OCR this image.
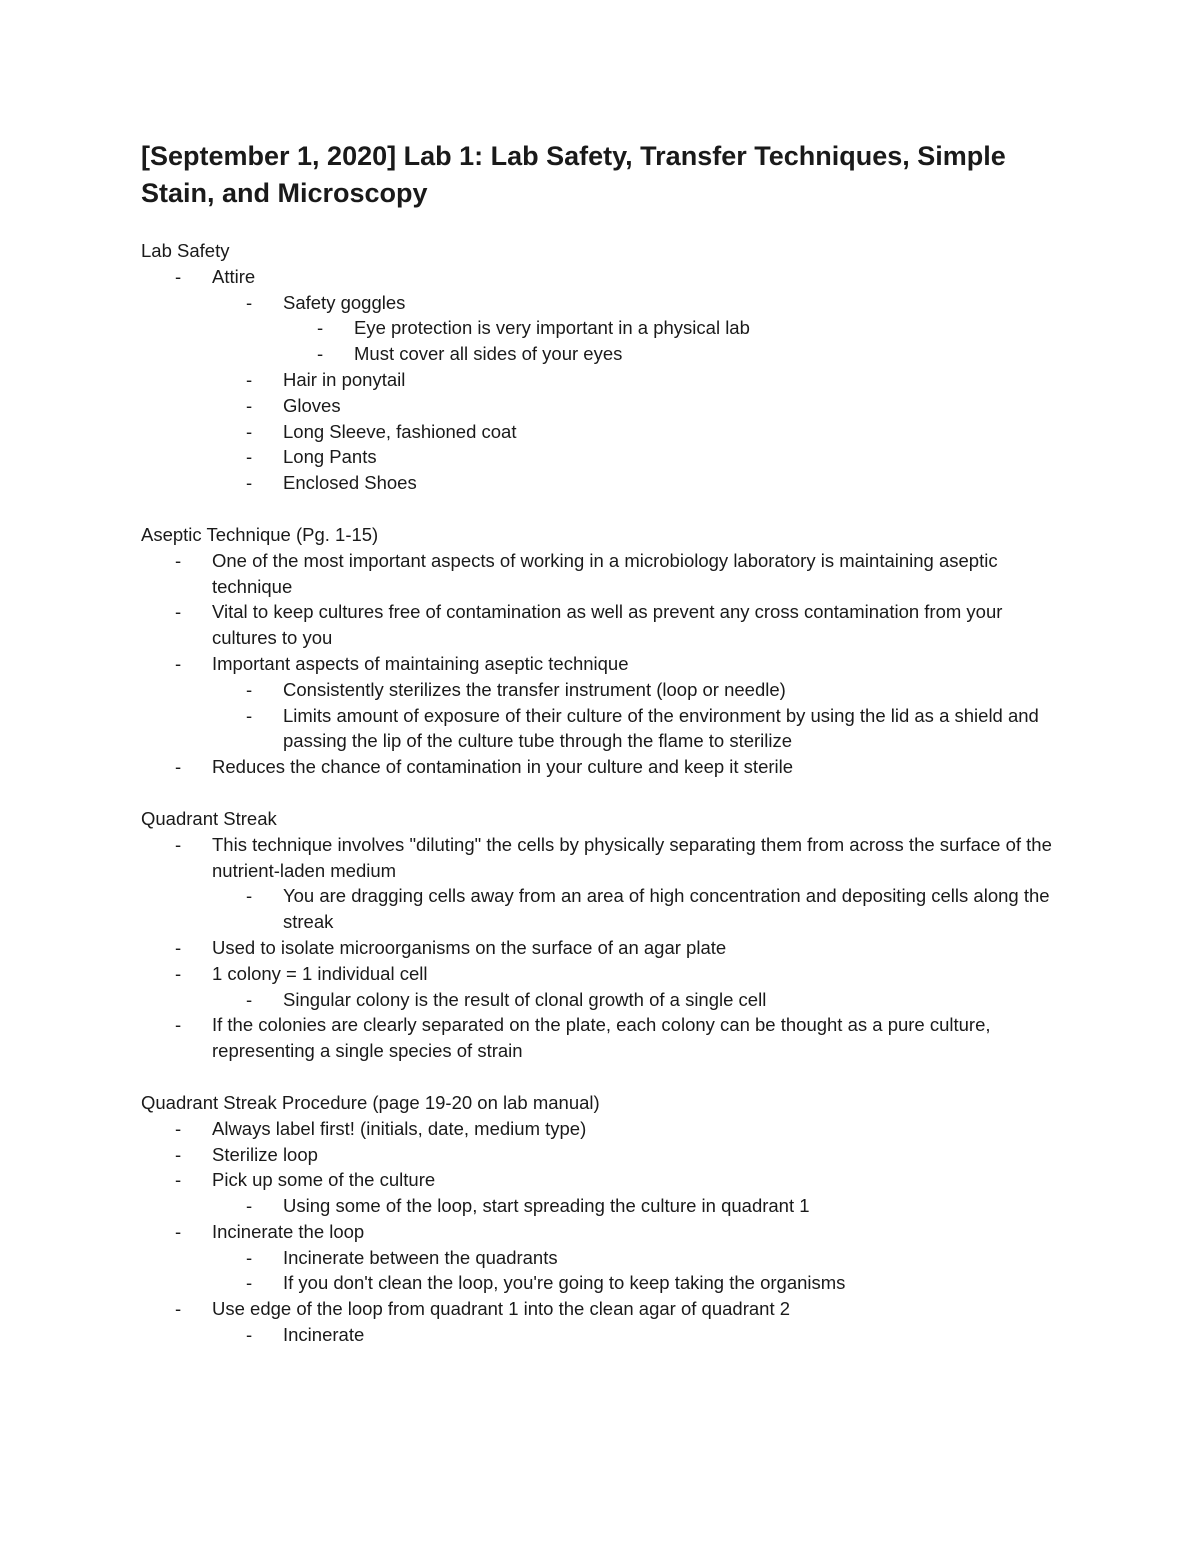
[September 1, 2020] Lab 1: Lab Safety, Transfer Techniques, Simple Stain, and Microscopy
Lab Safety
- Attire
- Safety goggles
- Eye protection is very important in a physical lab
- Must cover all sides of your eyes
- Hair in ponytail
- Gloves
- Long Sleeve, fashioned coat
- Long Pants
- Enclosed Shoes
Aseptic Technique (Pg. 1-15)
- One of the most important aspects of working in a microbiology laboratory is maintaining aseptic technique
- Vital to keep cultures free of contamination as well as prevent any cross contamination from your cultures to you
- Important aspects of maintaining aseptic technique
- Consistently sterilizes the transfer instrument (loop or needle)
- Limits amount of exposure of their culture of the environment by using the lid as a shield and passing the lip of the culture tube through the flame to sterilize
- Reduces the chance of contamination in your culture and keep it sterile
Quadrant Streak
- This technique involves "diluting" the cells by physically separating them from across the surface of the nutrient-laden medium
- You are dragging cells away from an area of high concentration and depositing cells along the streak
- Used to isolate microorganisms on the surface of an agar plate
- 1 colony = 1 individual cell
- Singular colony is the result of clonal growth of a single cell
- If the colonies are clearly separated on the plate, each colony can be thought as a pure culture, representing a single species of strain
Quadrant Streak Procedure (page 19-20 on lab manual)
- Always label first! (initials, date, medium type)
- Sterilize loop
- Pick up some of the culture
- Using some of the loop, start spreading the culture in quadrant 1
- Incinerate the loop
- Incinerate between the quadrants
- If you don't clean the loop, you're going to keep taking the organisms
- Use edge of the loop from quadrant 1 into the clean agar of quadrant 2
- Incinerate
